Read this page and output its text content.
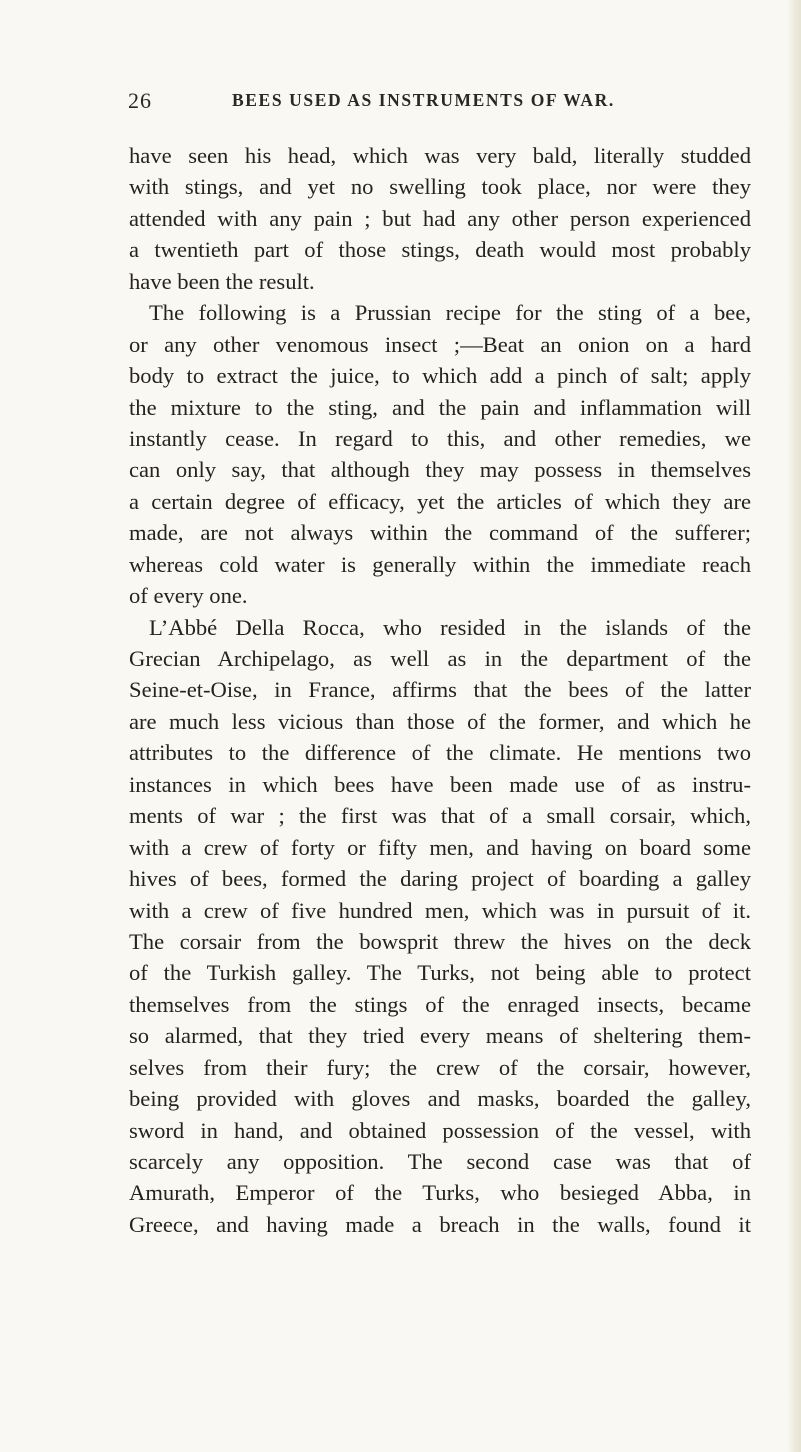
26	BEES USED AS INSTRUMENTS OF WAR.
have seen his head, which was very bald, literally studded
with stings, and yet no swelling took place, nor were they
attended with any pain ; but had any other person experienced
a twentieth part of those stings, death would most probably
have been the result.
The following is a Prussian recipe for the sting of a bee,
or any other venomous insect ;—Beat an onion on a hard
body to extract the juice, to which add a pinch of salt; apply
the mixture to the sting, and the pain and inflammation will
instantly cease. In regard to this, and other remedies, we
can only say, that although they may possess in themselves
a certain degree of efficacy, yet the articles of which they are
made, are not always within the command of the sufferer;
whereas cold water is generally within the immediate reach
of every one.
L’Abbé Della Rocca, who resided in the islands of the
Grecian Archipelago, as well as in the department of the
Seine-et-Oise, in France, affirms that the bees of the latter
are much less vicious than those of the former, and which he
attributes to the difference of the climate. He mentions two
instances in which bees have been made use of as instru-
ments of war ; the first was that of a small corsair, which,
with a crew of forty or fifty men, and having on board some
hives of bees, formed the daring project of boarding a galley
with a crew of five hundred men, which was in pursuit of it.
The corsair from the bowsprit threw the hives on the deck
of the Turkish galley. The Turks, not being able to protect
themselves from the stings of the enraged insects, became
so alarmed, that they tried every means of sheltering them-
selves from their fury; the crew of the corsair, however,
being provided with gloves and masks, boarded the galley,
sword in hand, and obtained possession of the vessel, with
scarcely any opposition. The second case was that of
Amurath, Emperor of the Turks, who besieged Abba, in
Greece, and having made a breach in the walls, found it
